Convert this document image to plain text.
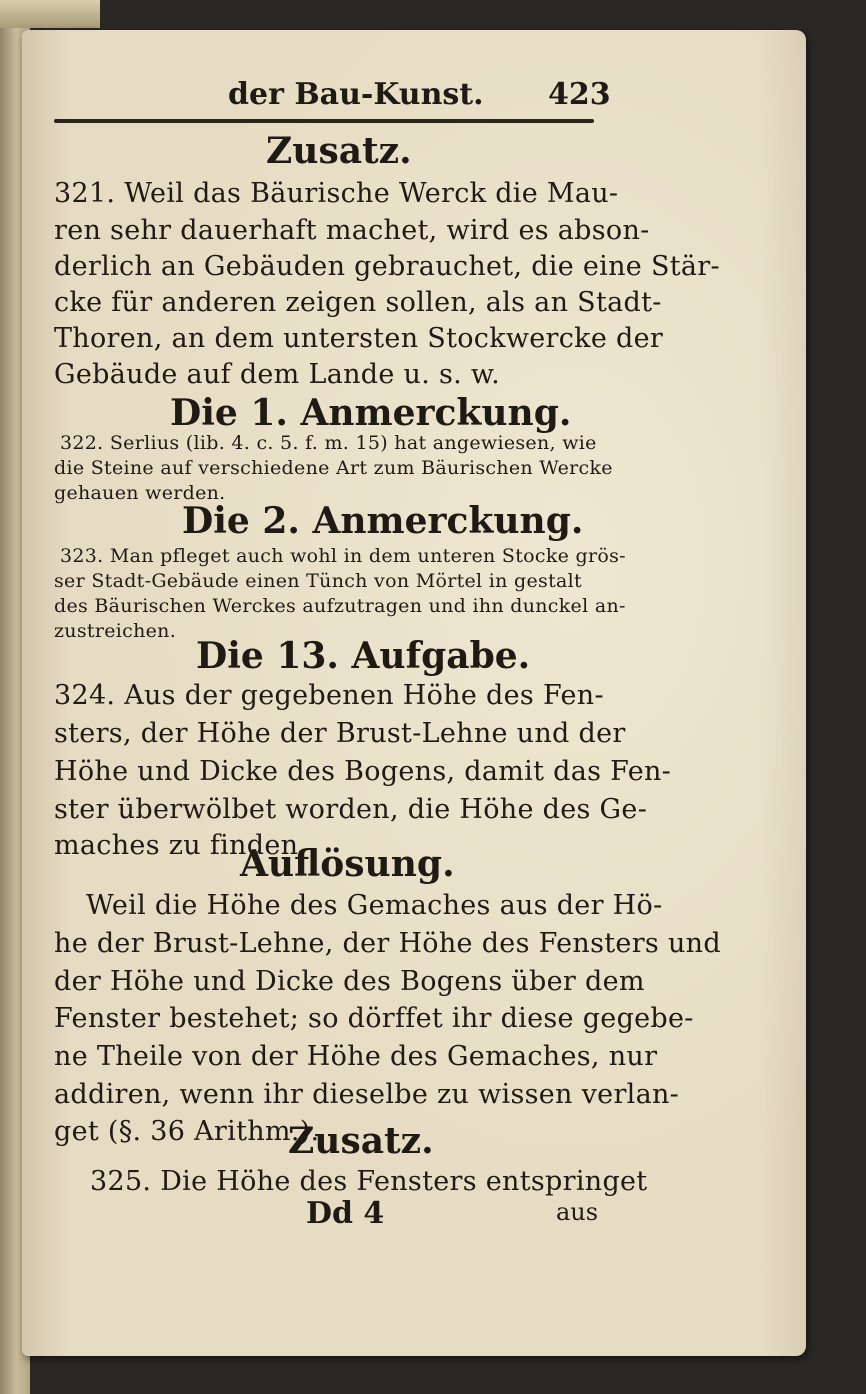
der Bau-Kunst. 423
Zusatz.
321. Weil das Bäurische Werck die Mau-
ren sehr dauerhaft machet, wird es abson-
derlich an Gebäuden gebrauchet, die eine Stär-
cke für anderen zeigen sollen, als an Stadt-
Thoren, an dem untersten Stockwercke der
Gebäude auf dem Lande u. s. w.
Die 1. Anmerckung.
322. Serlius (lib. 4. c. 5. f. m. 15) hat angewiesen, wie
die Steine auf verschiedene Art zum Bäurischen Wercke
gehauen werden.
Die 2. Anmerckung.
323. Man pfleget auch wohl in dem unteren Stocke grös-
ser Stadt-Gebäude einen Tünch von Mörtel in gestalt
des Bäurischen Werckes aufzutragen und ihn dunckel an-
zustreichen.
Die 13. Aufgabe.
324. Aus der gegebenen Höhe des Fen-
sters, der Höhe der Brust-Lehne und der
Höhe und Dicke des Bogens, damit das Fen-
ster überwölbet worden, die Höhe des Ge-
maches zu finden.
Auflösung.
Weil die Höhe des Gemaches aus der Hö-
he der Brust-Lehne, der Höhe des Fensters und
der Höhe und Dicke des Bogens über dem
Fenster bestehet; so dörffet ihr diese gegebe-
ne Theile von der Höhe des Gemaches, nur
addiren, wenn ihr dieselbe zu wissen verlan-
get (§. 36 Arithm.).
Zusatz.
325. Die Höhe des Fensters entspringet
Dd 4	aus
